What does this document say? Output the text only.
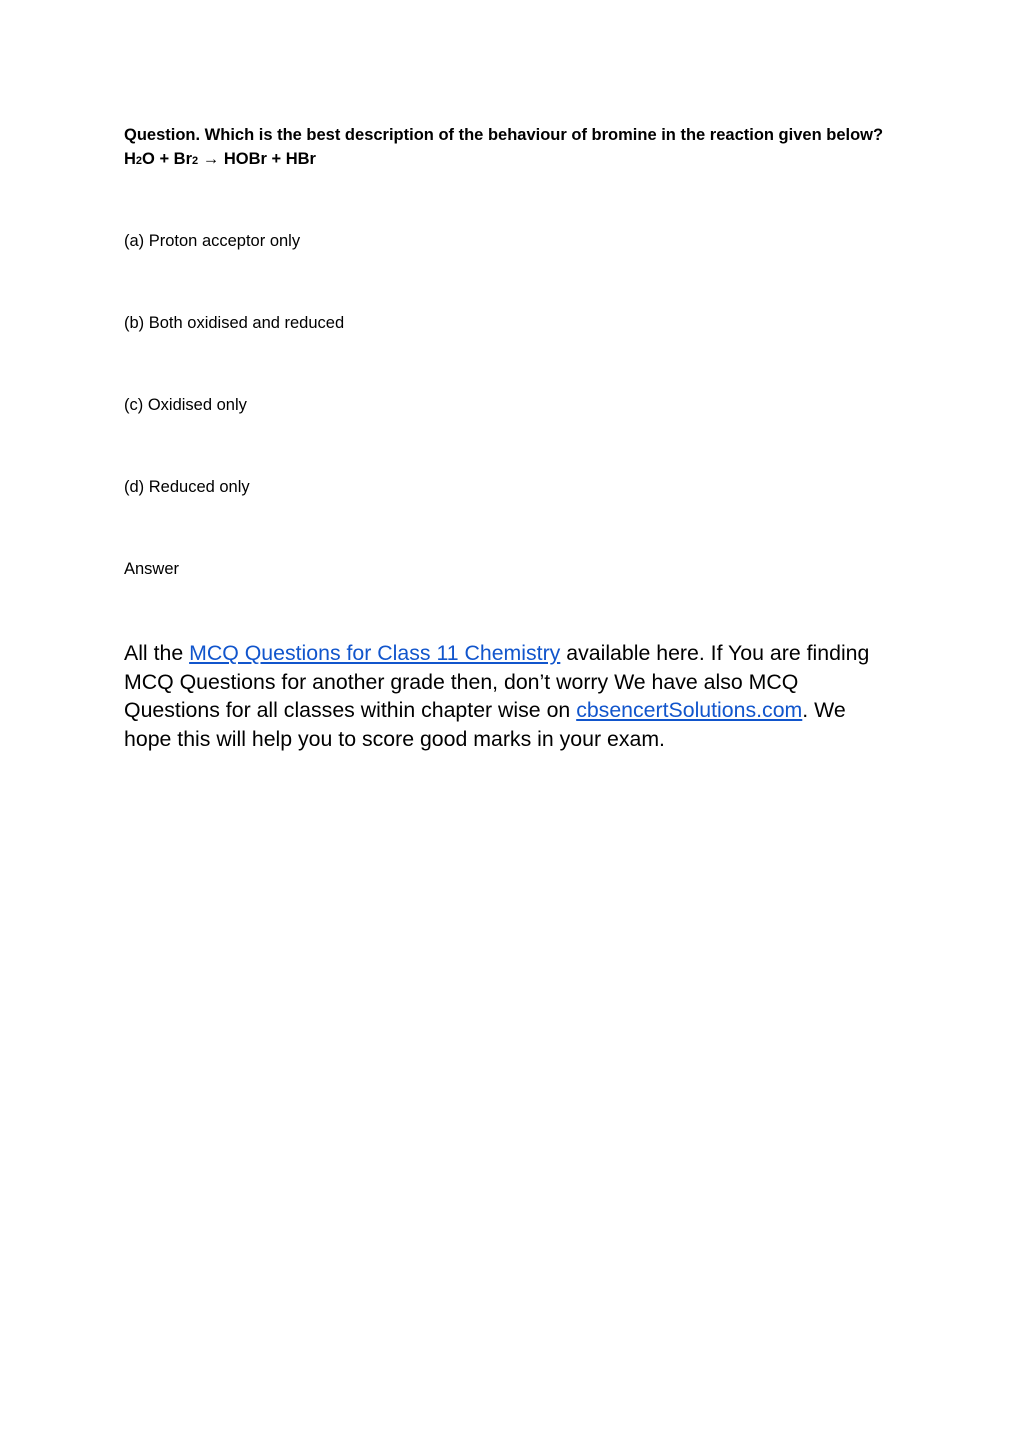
Question. Which is the best description of the behaviour of bromine in the reaction given below? H2O + Br2 → HOBr + HBr
(a) Proton acceptor only
(b) Both oxidised and reduced
(c) Oxidised only
(d) Reduced only
Answer
All the MCQ Questions for Class 11 Chemistry available here. If You are finding MCQ Questions for another grade then, don’t worry We have also MCQ Questions for all classes within chapter wise on cbsencertSolutions.com. We hope this will help you to score good marks in your exam.
